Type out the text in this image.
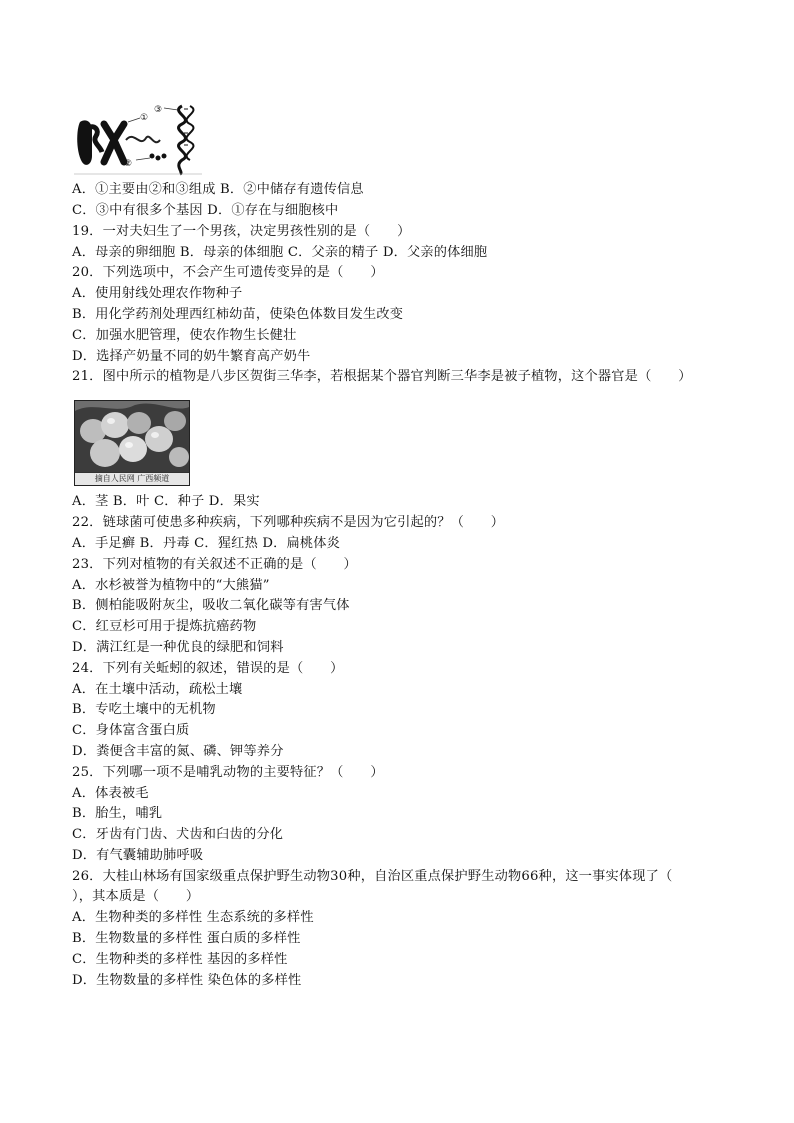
①
③
②
A．①主要由②和③组成 B．②中储存有遗传信息
C．③中有很多个基因 D．①存在与细胞核中
19．一对夫妇生了一个男孩，决定男孩性别的是（　　）
A．母亲的卵细胞 B．母亲的体细胞 C．父亲的精子 D．父亲的体细胞
20．下列选项中，不会产生可遗传变异的是（　　）
A．使用射线处理农作物种子
B．用化学药剂处理西红柿幼苗，使染色体数目发生改变
C．加强水肥管理，使农作物生长健壮
D．选择产奶量不同的奶牛繁育高产奶牛
21．图中所示的植物是八步区贺街三华李，若根据某个器官判断三华李是被子植物，这个器官是（　　）
摘自人民网 广西频道
A．茎 B．叶 C．种子 D．果实
22．链球菌可使患多种疾病，下列哪种疾病不是因为它引起的？（　　）
A．手足癣 B．丹毒 C．猩红热 D．扁桃体炎
23．下列对植物的有关叙述不正确的是（　　）
A．水杉被誉为植物中的“大熊猫”
B．侧柏能吸附灰尘，吸收二氧化碳等有害气体
C．红豆杉可用于提炼抗癌药物
D．满江红是一种优良的绿肥和饲料
24．下列有关蚯蚓的叙述，错误的是（　　）
A．在土壤中活动，疏松土壤
B．专吃土壤中的无机物
C．身体富含蛋白质
D．粪便含丰富的氮、磷、钾等养分
25．下列哪一项不是哺乳动物的主要特征？（　　）
A．体表被毛
B．胎生，哺乳
C．牙齿有门齿、犬齿和臼齿的分化
D．有气囊辅助肺呼吸
26．大桂山林场有国家级重点保护野生动物30种，自治区重点保护野生动物66种，这一事实体现了（
），其本质是（　　）
A．生物种类的多样性 生态系统的多样性
B．生物数量的多样性 蛋白质的多样性
C．生物种类的多样性 基因的多样性
D．生物数量的多样性 染色体的多样性
